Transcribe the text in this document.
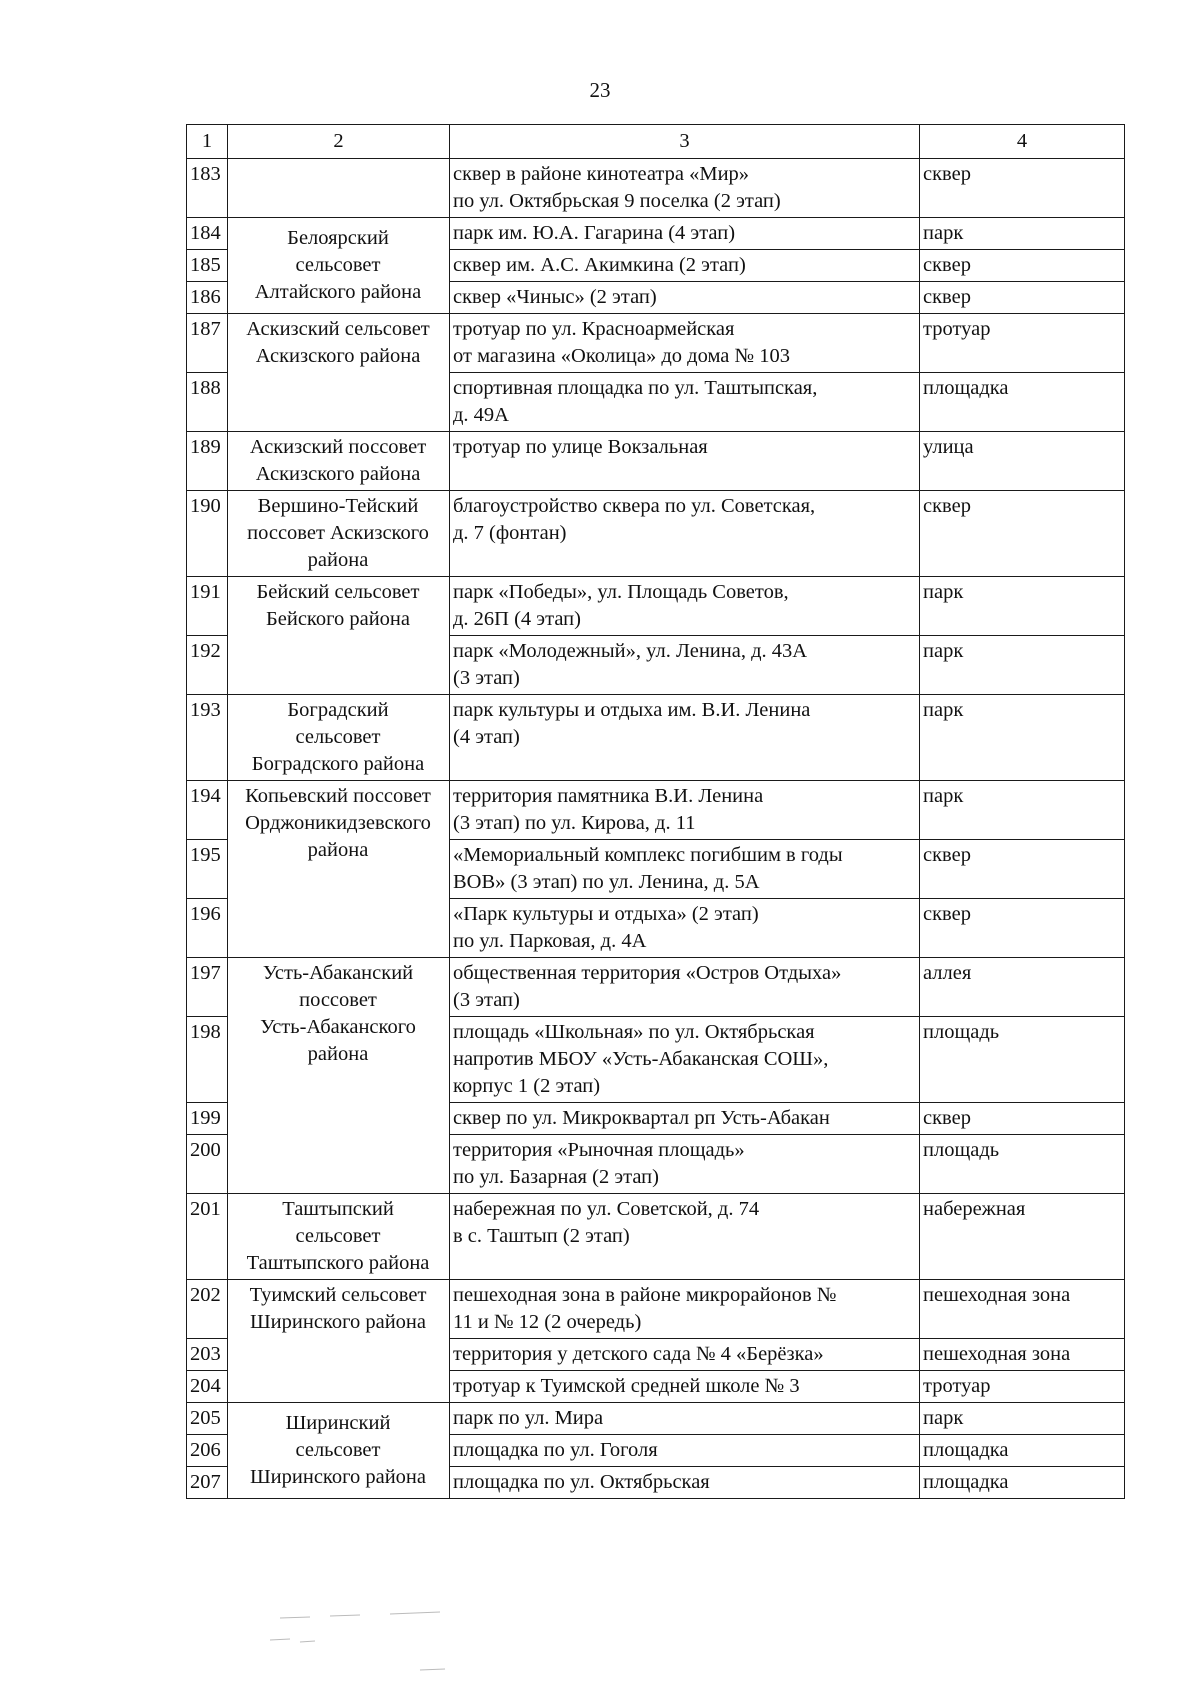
23
1	2	3	4
183		сквер в районе кинотеатра «Мир»
по ул. Октябрьская 9 поселка (2 этап)	сквер
184	Белоярский
сельсовет
Алтайского района	парк им. Ю.А. Гагарина (4 этап)	парк
185		сквер им. А.С. Акимкина (2 этап)	сквер
186		сквер «Чиныс» (2 этап)	сквер
187	Аскизский сельсовет
Аскизского района	тротуар по ул. Красноармейская
от магазина «Околица» до дома № 103	тротуар
188		спортивная площадка по ул. Таштыпская,
д. 49А	площадка
189	Аскизский поссовет
Аскизского района	тротуар по улице Вокзальная	улица
190	Вершино-Тейский
поссовет Аскизского
района	благоустройство сквера по ул. Советская,
д. 7 (фонтан)	сквер
191	Бейский сельсовет
Бейского района	парк «Победы», ул. Площадь Советов,
д. 26П (4 этап)	парк
192		парк «Молодежный», ул. Ленина, д. 43А
(3 этап)	парк
193	Боградский
сельсовет
Боградского района	парк культуры и отдыха им. В.И. Ленина
(4 этап)	парк
194	Копьевский поссовет
Орджоникидзевского
района	территория памятника В.И. Ленина
(3 этап) по ул. Кирова, д. 11	парк
195		«Мемориальный комплекс погибшим в годы
ВОВ» (3 этап) по ул. Ленина, д. 5А	сквер
196		«Парк культуры и отдыха» (2 этап)
по ул. Парковая, д. 4А	сквер
197	Усть-Абаканский
поссовет
Усть-Абаканского
района	общественная территория «Остров Отдыха»
(3 этап)	аллея
198		площадь «Школьная» по ул. Октябрьская
напротив МБОУ «Усть-Абаканская СОШ»,
корпус 1 (2 этап)	площадь
199		сквер по ул. Микроквартал рп Усть-Абакан	сквер
200		территория «Рыночная площадь»
по ул. Базарная (2 этап)	площадь
201	Таштыпский
сельсовет
Таштыпского района	набережная по ул. Советской, д. 74
в с. Таштып (2 этап)	набережная
202	Туимский сельсовет
Ширинского района	пешеходная зона в районе микрорайонов №
11 и № 12 (2 очередь)	пешеходная зона
203		территория у детского сада № 4 «Берёзка»	пешеходная зона
204		тротуар к Туимской средней школе № 3	тротуар
205	Ширинский
сельсовет
Ширинского района	парк по ул. Мира	парк
206		площадка по ул. Гоголя	площадка
207		площадка по ул. Октябрьская	площадка
